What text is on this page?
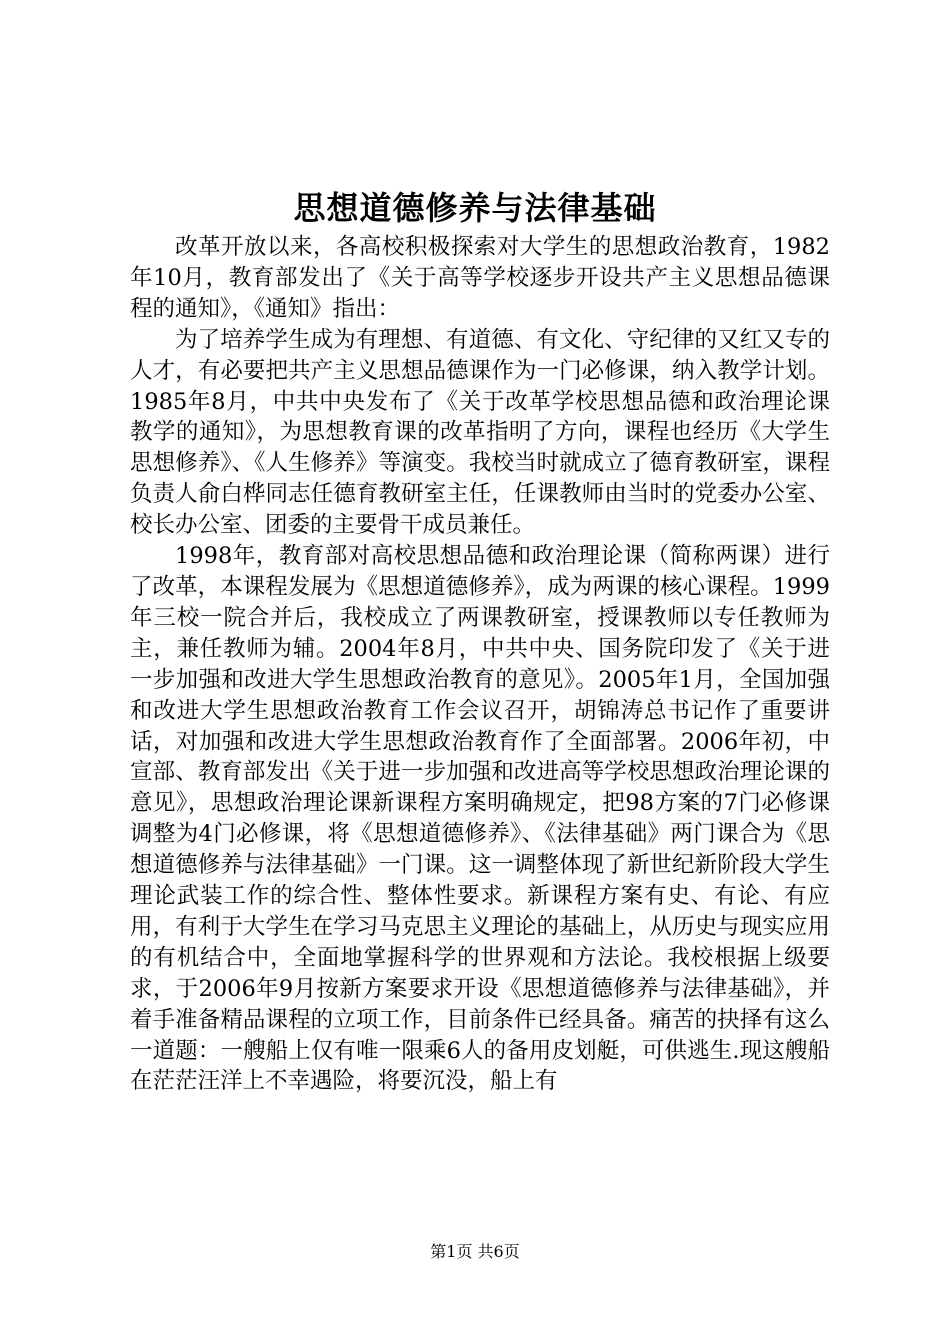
思想道德修养与法律基础

改革开放以来，各高校积极探索对大学生的思想政治教育，1982年10月，教育部发出了《关于高等学校逐步开设共产主义思想品德课程的通知》，《通知》指出：

为了培养学生成为有理想、有道德、有文化、守纪律的又红又专的人才，有必要把共产主义思想品德课作为一门必修课，纳入教学计划。1985年8月，中共中央发布了《关于改革学校思想品德和政治理论课教学的通知》，为思想教育课的改革指明了方向，课程也经历《大学生思想修养》、《人生修养》等演变。我校当时就成立了德育教研室，课程负责人俞白桦同志任德育教研室主任，任课教师由当时的党委办公室、校长办公室、团委的主要骨干成员兼任。

1998年，教育部对高校思想品德和政治理论课（简称两课）进行了改革，本课程发展为《思想道德修养》，成为两课的核心课程。1999年三校一院合并后，我校成立了两课教研室，授课教师以专任教师为主，兼任教师为辅。2004年8月，中共中央、国务院印发了《关于进一步加强和改进大学生思想政治教育的意见》。2005年1月，全国加强和改进大学生思想政治教育工作会议召开，胡锦涛总书记作了重要讲话，对加强和改进大学生思想政治教育作了全面部署。2006年初，中宣部、教育部发出《关于进一步加强和改进高等学校思想政治理论课的意见》，思想政治理论课新课程方案明确规定，把98方案的7门必修课调整为4门必修课，将《思想道德修养》、《法律基础》两门课合为《思想道德修养与法律基础》一门课。这一调整体现了新世纪新阶段大学生理论武装工作的综合性、整体性要求。新课程方案有史、有论、有应用，有利于大学生在学习马克思主义理论的基础上，从历史与现实应用的有机结合中，全面地掌握科学的世界观和方法论。我校根据上级要求，于2006年9月按新方案要求开设《思想道德修养与法律基础》，并着手准备精品课程的立项工作，目前条件已经具备。痛苦的抉择有这么一道题：一艘船上仅有唯一限乘6人的备用皮划艇，可供逃生.现这艘船在茫茫汪洋上不幸遇险，将要沉没，船上有

第1页 共6页
